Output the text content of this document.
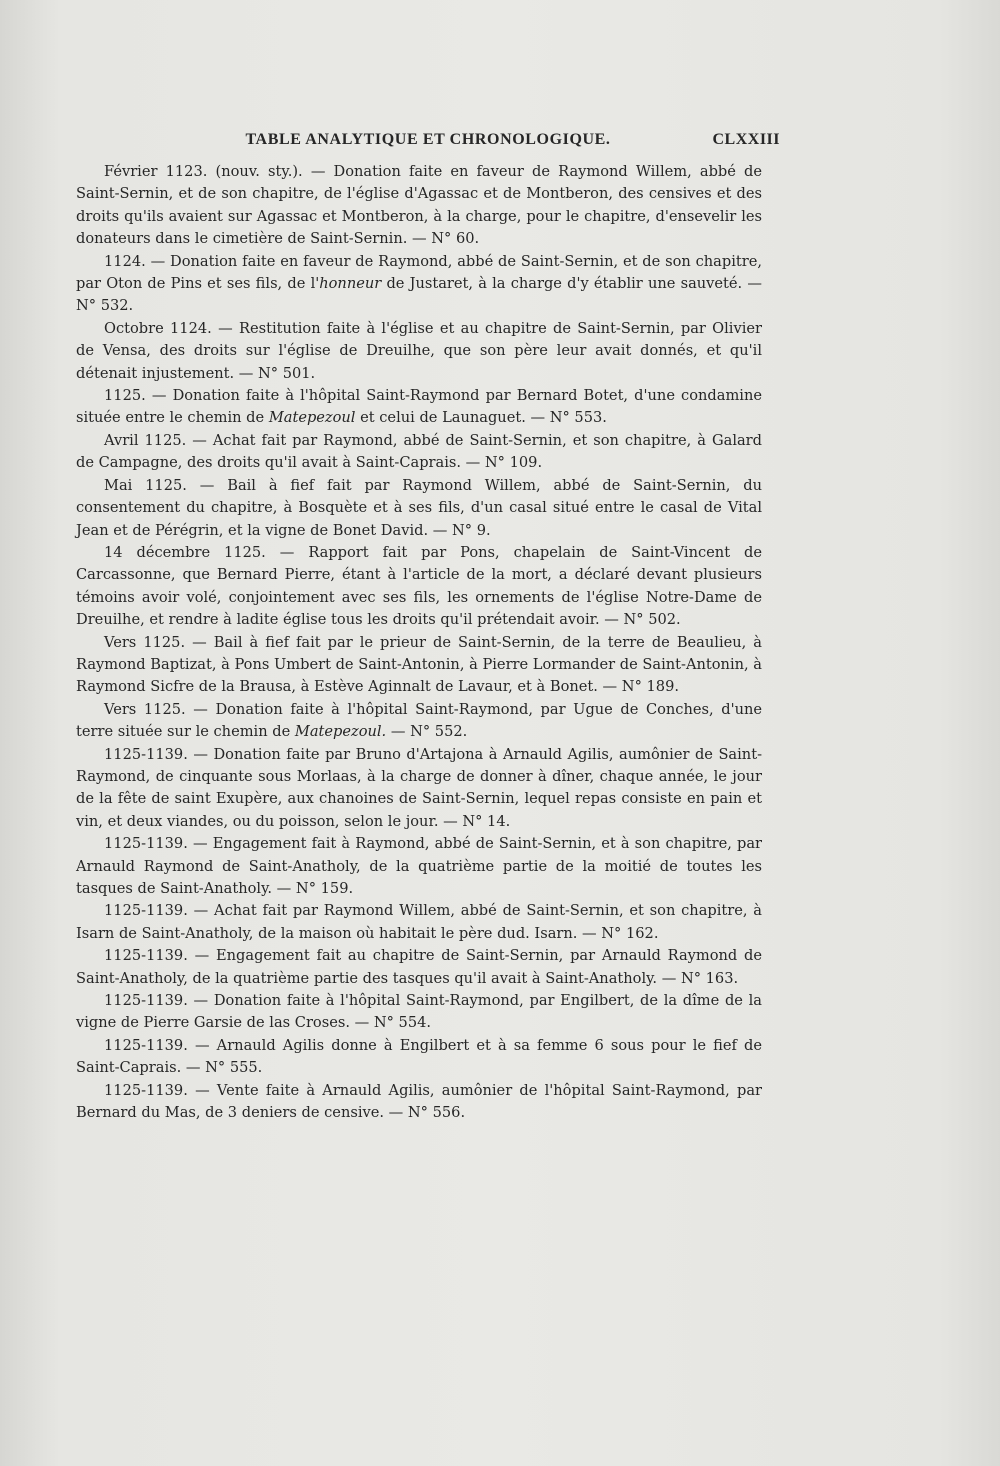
TABLE ANALYTIQUE ET CHRONOLOGIQUE.	CLXXIII

Février 1123. (nouv. sty.). — Donation faite en faveur de Raymond Willem, abbé de Saint-Sernin, et de son chapitre, de l'église d'Agassac et de Montberon, des censives et des droits qu'ils avaient sur Agassac et Montberon, à la charge, pour le chapitre, d'ensevelir les donateurs dans le cimetière de Saint-Sernin. — N° 60.

1124. — Donation faite en faveur de Raymond, abbé de Saint-Sernin, et de son chapitre, par Oton de Pins et ses fils, de l'honneur de Justaret, à la charge d'y établir une sauveté. — N° 532.

Octobre 1124. — Restitution faite à l'église et au chapitre de Saint-Sernin, par Olivier de Vensa, des droits sur l'église de Dreuilhe, que son père leur avait donnés, et qu'il détenait injustement. — N° 501.

1125. — Donation faite à l'hôpital Saint-Raymond par Bernard Botet, d'une condamine située entre le chemin de Matepezoul et celui de Launaguet. — N° 553.

Avril 1125. — Achat fait par Raymond, abbé de Saint-Sernin, et son chapitre, à Galard de Campagne, des droits qu'il avait à Saint-Caprais. — N° 109.

Mai 1125. — Bail à fief fait par Raymond Willem, abbé de Saint-Sernin, du consentement du chapitre, à Bosquète et à ses fils, d'un casal situé entre le casal de Vital Jean et de Pérégrin, et la vigne de Bonet David. — N° 9.

14 décembre 1125. — Rapport fait par Pons, chapelain de Saint-Vincent de Carcassonne, que Bernard Pierre, étant à l'article de la mort, a déclaré devant plusieurs témoins avoir volé, conjointement avec ses fils, les ornements de l'église Notre-Dame de Dreuilhe, et rendre à ladite église tous les droits qu'il prétendait avoir. — N° 502.

Vers 1125. — Bail à fief fait par le prieur de Saint-Sernin, de la terre de Beaulieu, à Raymond Baptizat, à Pons Umbert de Saint-Antonin, à Pierre Lormander de Saint-Antonin, à Raymond Sicfre de la Brausa, à Estève Aginnalt de Lavaur, et à Bonet. — N° 189.

Vers 1125. — Donation faite à l'hôpital Saint-Raymond, par Ugue de Conches, d'une terre située sur le chemin de Matepezoul. — N° 552.

1125-1139. — Donation faite par Bruno d'Artajona à Arnauld Agilis, aumônier de Saint-Raymond, de cinquante sous Morlaas, à la charge de donner à dîner, chaque année, le jour de la fête de saint Exupère, aux chanoines de Saint-Sernin, lequel repas consiste en pain et vin, et deux viandes, ou du poisson, selon le jour. — N° 14.

1125-1139. — Engagement fait à Raymond, abbé de Saint-Sernin, et à son chapitre, par Arnauld Raymond de Saint-Anatholy, de la quatrième partie de la moitié de toutes les tasques de Saint-Anatholy. — N° 159.

1125-1139. — Achat fait par Raymond Willem, abbé de Saint-Sernin, et son chapitre, à Isarn de Saint-Anatholy, de la maison où habitait le père dud. Isarn. — N° 162.

1125-1139. — Engagement fait au chapitre de Saint-Sernin, par Arnauld Raymond de Saint-Anatholy, de la quatrième partie des tasques qu'il avait à Saint-Anatholy. — N° 163.

1125-1139. — Donation faite à l'hôpital Saint-Raymond, par Engilbert, de la dîme de la vigne de Pierre Garsie de las Croses. — N° 554.

1125-1139. — Arnauld Agilis donne à Engilbert et à sa femme 6 sous pour le fief de Saint-Caprais. — N° 555.

1125-1139. — Vente faite à Arnauld Agilis, aumônier de l'hôpital Saint-Raymond, par Bernard du Mas, de 3 deniers de censive. — N° 556.
